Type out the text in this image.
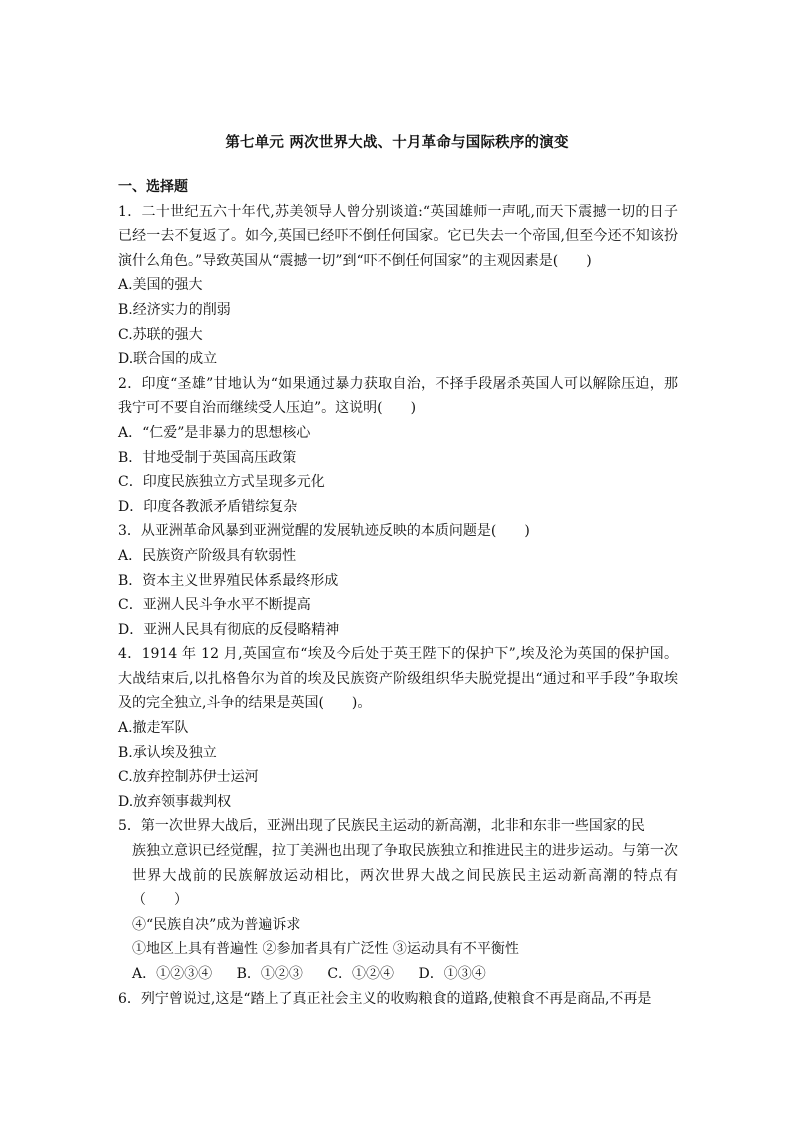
第七单元 两次世界大战、十月革命与国际秩序的演变

一、选择题

1．二十世纪五六十年代,苏美领导人曾分别谈道:“英国雄师一声吼,而天下震撼一切的日子已经一去不复返了。如今,英国已经吓不倒任何国家。它已失去一个帝国,但至今还不知该扮演什么角色。”导致英国从“震撼一切”到“吓不倒任何国家”的主观因素是(　　)

A.美国的强大

B.经济实力的削弱

C.苏联的强大

D.联合国的成立

2．印度“圣雄”甘地认为“如果通过暴力获取自治，不择手段屠杀英国人可以解除压迫，那我宁可不要自治而继续受人压迫”。这说明(　　)

A．“仁爱”是非暴力的思想核心

B．甘地受制于英国高压政策

C．印度民族独立方式呈现多元化

D．印度各教派矛盾错综复杂

3．从亚洲革命风暴到亚洲觉醒的发展轨迹反映的本质问题是(　　)

A．民族资产阶级具有软弱性

B．资本主义世界殖民体系最终形成

C．亚洲人民斗争水平不断提高

D．亚洲人民具有彻底的反侵略精神

4．1914 年 12 月,英国宣布“埃及今后处于英王陛下的保护下”,埃及沦为英国的保护国。大战结束后,以扎格鲁尔为首的埃及民族资产阶级组织华夫脱党提出“通过和平手段”争取埃及的完全独立,斗争的结果是英国(　　)。

A.撤走军队

B.承认埃及独立

C.放弃控制苏伊士运河

D.放弃领事裁判权

5．第一次世界大战后，亚洲出现了民族民主运动的新高潮，北非和东非一些国家的民

族独立意识已经觉醒，拉丁美洲也出现了争取民族独立和推进民主的进步运动。与第一次世界大战前的民族解放运动相比，两次世界大战之间民族民主运动新高潮的特点有（　　）

④“民族自决”成为普遍诉求

①地区上具有普遍性 ②参加者具有广泛性 ③运动具有不平衡性

A．①②③④ B．①②③ C．①②④ D．①③④

6．列宁曾说过,这是“踏上了真正社会主义的收购粮食的道路,使粮食不再是商品,不再是
